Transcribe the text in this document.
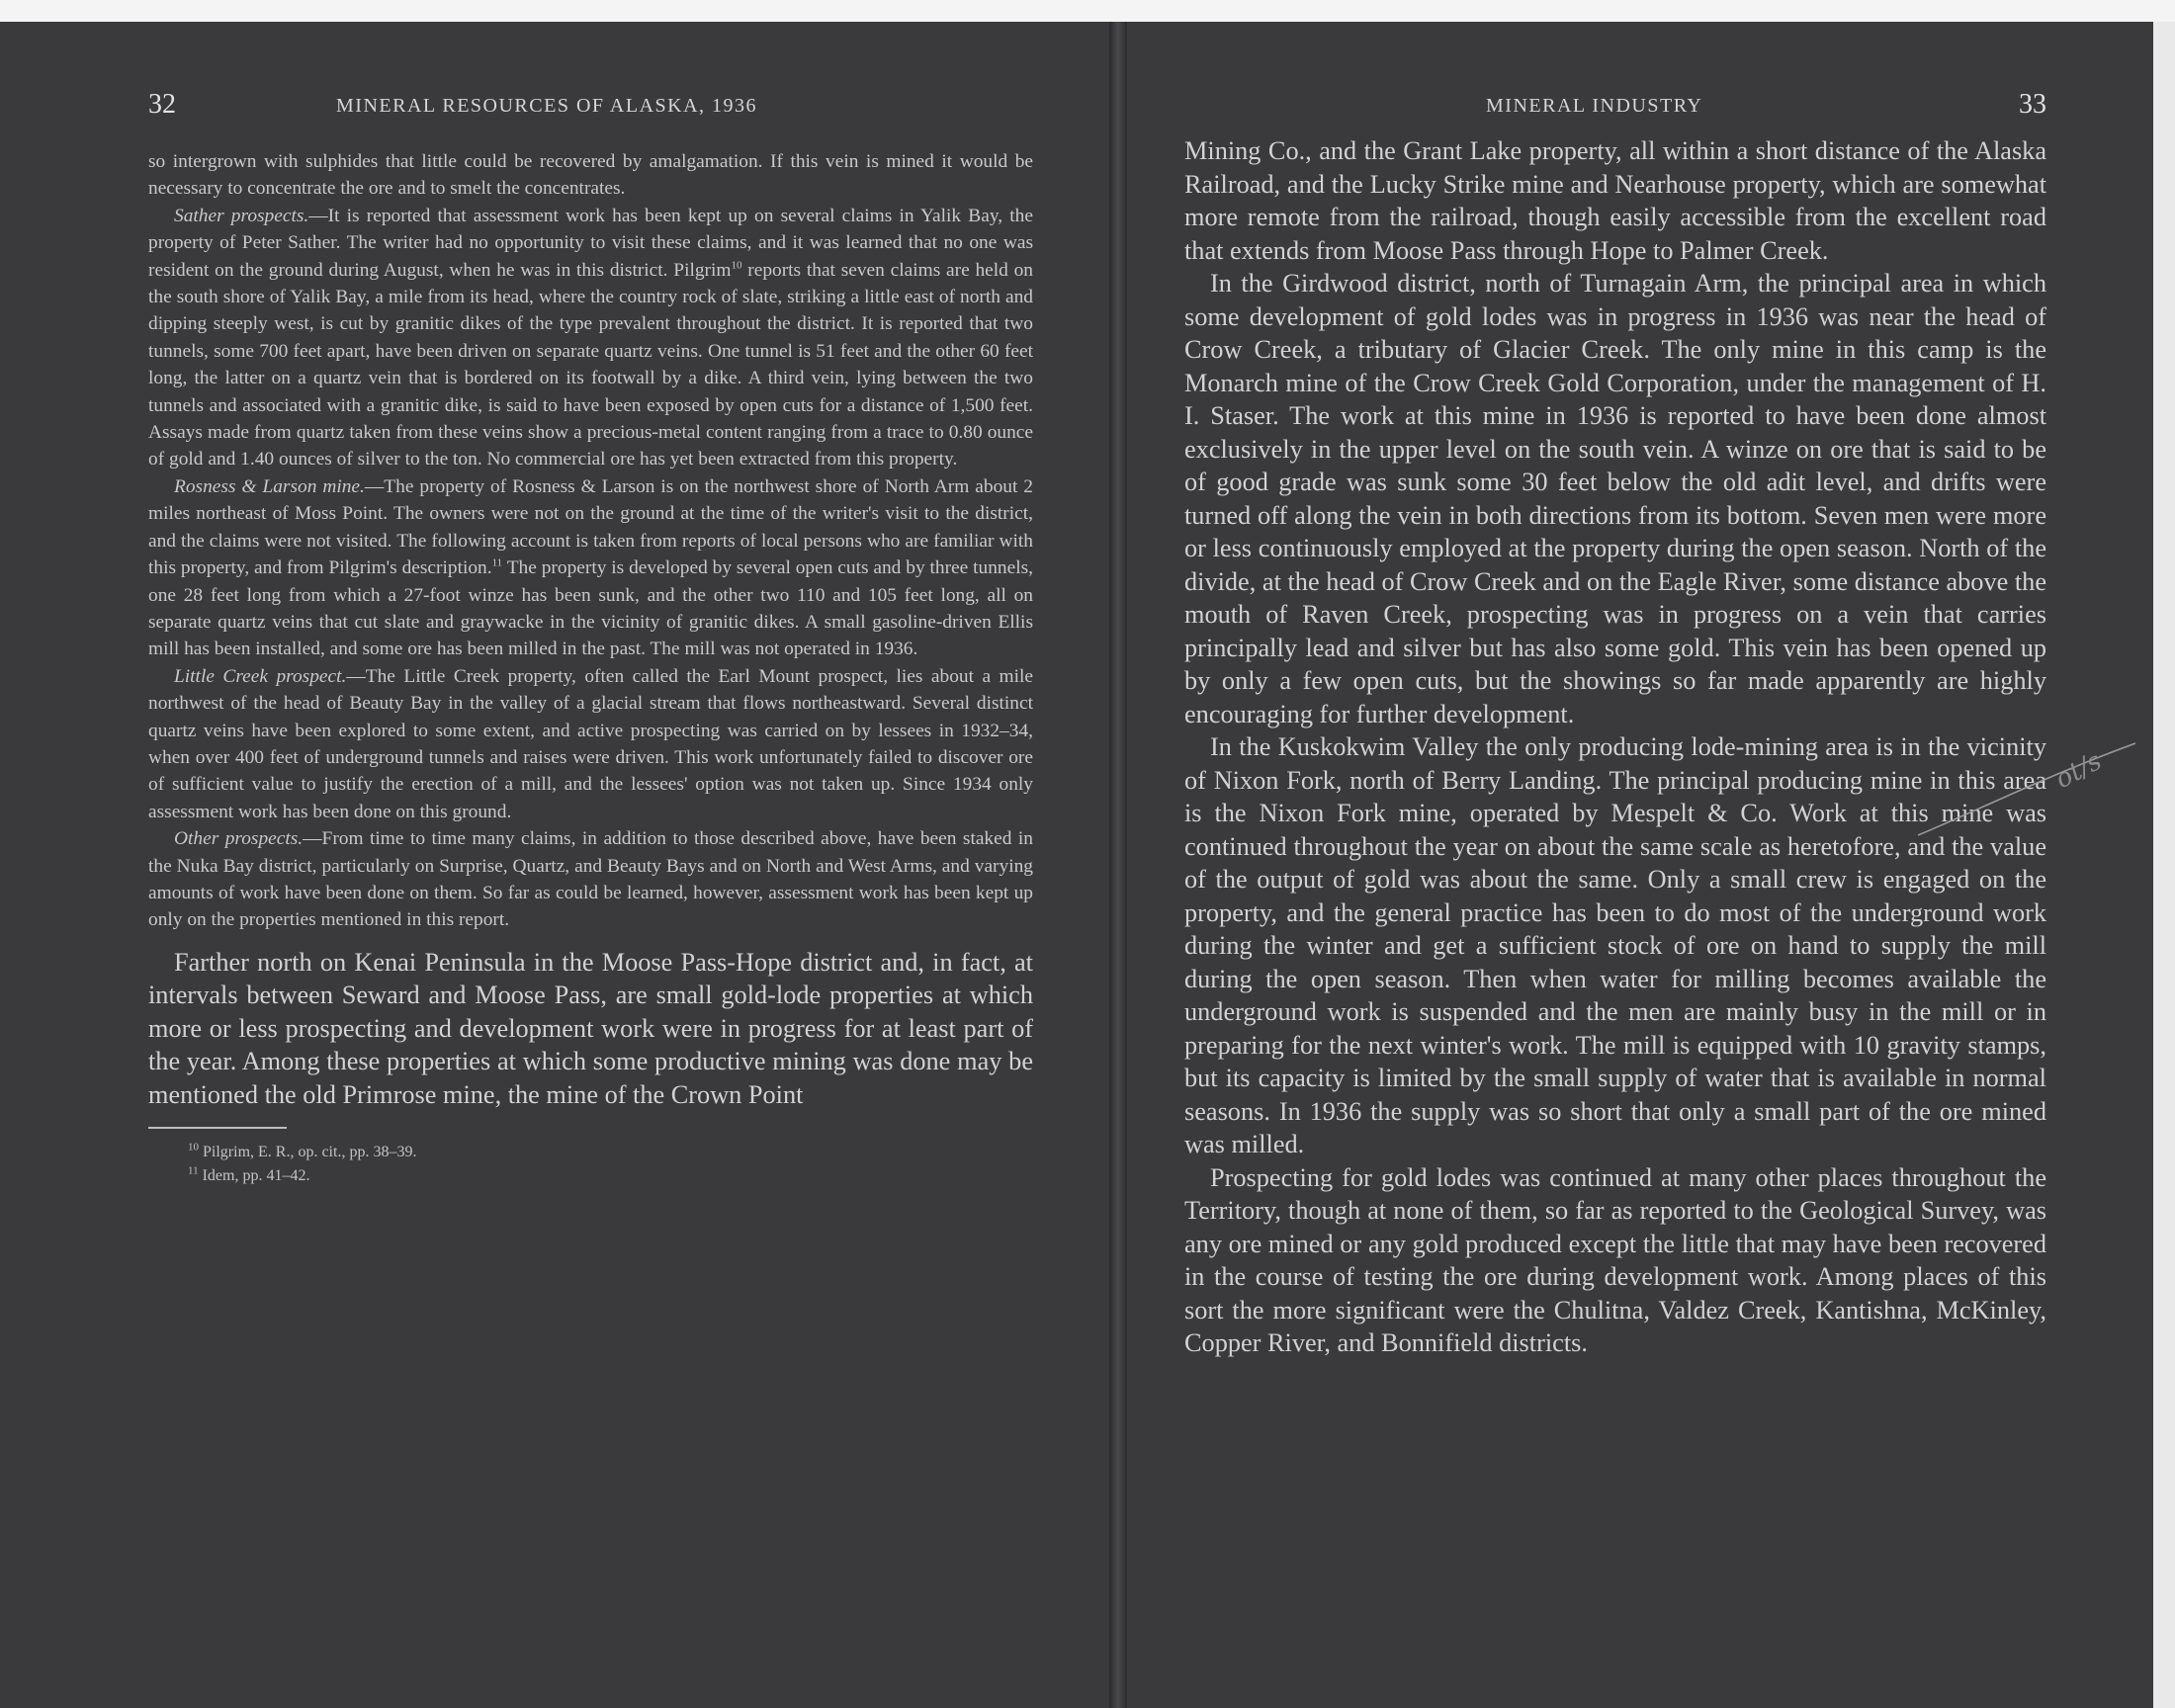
32	MINERAL RESOURCES OF ALASKA, 1936

so intergrown with sulphides that little could be recovered by amalgamation. If this vein is mined it would be necessary to concentrate the ore and to smelt the concentrates.

Sather prospects.—It is reported that assessment work has been kept up on several claims in Yalik Bay, the property of Peter Sather. The writer had no opportunity to visit these claims, and it was learned that no one was resident on the ground during August, when he was in this district. Pilgrim$^{10}$ reports that seven claims are held on the south shore of Yalik Bay, a mile from its head, where the country rock of slate, striking a little east of north and dipping steeply west, is cut by granitic dikes of the type prevalent throughout the district. It is reported that two tunnels, some 700 feet apart, have been driven on separate quartz veins. One tunnel is 51 feet and the other 60 feet long, the latter on a quartz vein that is bordered on its footwall by a dike. A third vein, lying between the two tunnels and associated with a granitic dike, is said to have been exposed by open cuts for a distance of 1,500 feet. Assays made from quartz taken from these veins show a precious-metal content ranging from a trace to 0.80 ounce of gold and 1.40 ounces of silver to the ton. No commercial ore has yet been extracted from this property.

Rosness & Larson mine.—The property of Rosness & Larson is on the northwest shore of North Arm about 2 miles northeast of Moss Point. The owners were not on the ground at the time of the writer's visit to the district, and the claims were not visited. The following account is taken from reports of local persons who are familiar with this property, and from Pilgrim's description.$^{11}$ The property is developed by several open cuts and by three tunnels, one 28 feet long from which a 27-foot winze has been sunk, and the other two 110 and 105 feet long, all on separate quartz veins that cut slate and graywacke in the vicinity of granitic dikes. A small gasoline-driven Ellis mill has been installed, and some ore has been milled in the past. The mill was not operated in 1936.

Little Creek prospect.—The Little Creek property, often called the Earl Mount prospect, lies about a mile northwest of the head of Beauty Bay in the valley of a glacial stream that flows northeastward. Several distinct quartz veins have been explored to some extent, and active prospecting was carried on by lessees in 1932–34, when over 400 feet of underground tunnels and raises were driven. This work unfortunately failed to discover ore of sufficient value to justify the erection of a mill, and the lessees' option was not taken up. Since 1934 only assessment work has been done on this ground.

Other prospects.—From time to time many claims, in addition to those described above, have been staked in the Nuka Bay district, particularly on Surprise, Quartz, and Beauty Bays and on North and West Arms, and varying amounts of work have been done on them. So far as could be learned, however, assessment work has been kept up only on the properties mentioned in this report.

Farther north on Kenai Peninsula in the Moose Pass-Hope district and, in fact, at intervals between Seward and Moose Pass, are small gold-lode properties at which more or less prospecting and development work were in progress for at least part of the year. Among these properties at which some productive mining was done may be mentioned the old Primrose mine, the mine of the Crown Point

$^{10}$ Pilgrim, E. R., op. cit., pp. 38–39.
$^{11}$ Idem, pp. 41–42.
MINERAL INDUSTRY	33

Mining Co., and the Grant Lake property, all within a short distance of the Alaska Railroad, and the Lucky Strike mine and Nearhouse property, which are somewhat more remote from the railroad, though easily accessible from the excellent road that extends from Moose Pass through Hope to Palmer Creek.

In the Girdwood district, north of Turnagain Arm, the principal area in which some development of gold lodes was in progress in 1936 was near the head of Crow Creek, a tributary of Glacier Creek. The only mine in this camp is the Monarch mine of the Crow Creek Gold Corporation, under the management of H. I. Staser. The work at this mine in 1936 is reported to have been done almost exclusively in the upper level on the south vein. A winze on ore that is said to be of good grade was sunk some 30 feet below the old adit level, and drifts were turned off along the vein in both directions from its bottom. Seven men were more or less continuously employed at the property during the open season. North of the divide, at the head of Crow Creek and on the Eagle River, some distance above the mouth of Raven Creek, prospecting was in progress on a vein that carries principally lead and silver but has also some gold. This vein has been opened up by only a few open cuts, but the showings so far made apparently are highly encouraging for further development.

In the Kuskokwim Valley the only producing lode-mining area is in the vicinity of Nixon Fork, north of Berry Landing. The principal producing mine in this area is the Nixon Fork mine, operated by Mespelt & Co. Work at this mine was continued throughout the year on about the same scale as heretofore, and the value of the output of gold was about the same. Only a small crew is engaged on the property, and the general practice has been to do most of the underground work during the winter and get a sufficient stock of ore on hand to supply the mill during the open season. Then when water for milling becomes available the underground work is suspended and the men are mainly busy in the mill or in preparing for the next winter's work. The mill is equipped with 10 gravity stamps, but its capacity is limited by the small supply of water that is available in normal seasons. In 1936 the supply was so short that only a small part of the ore mined was milled.

Prospecting for gold lodes was continued at many other places throughout the Territory, though at none of them, so far as reported to the Geological Survey, was any ore mined or any gold produced except the little that may have been recovered in the course of testing the ore during development work. Among places of this sort the more significant were the Chulitna, Valdez Creek, Kantishna, McKinley, Copper River, and Bonnifield districts.

ot/s
